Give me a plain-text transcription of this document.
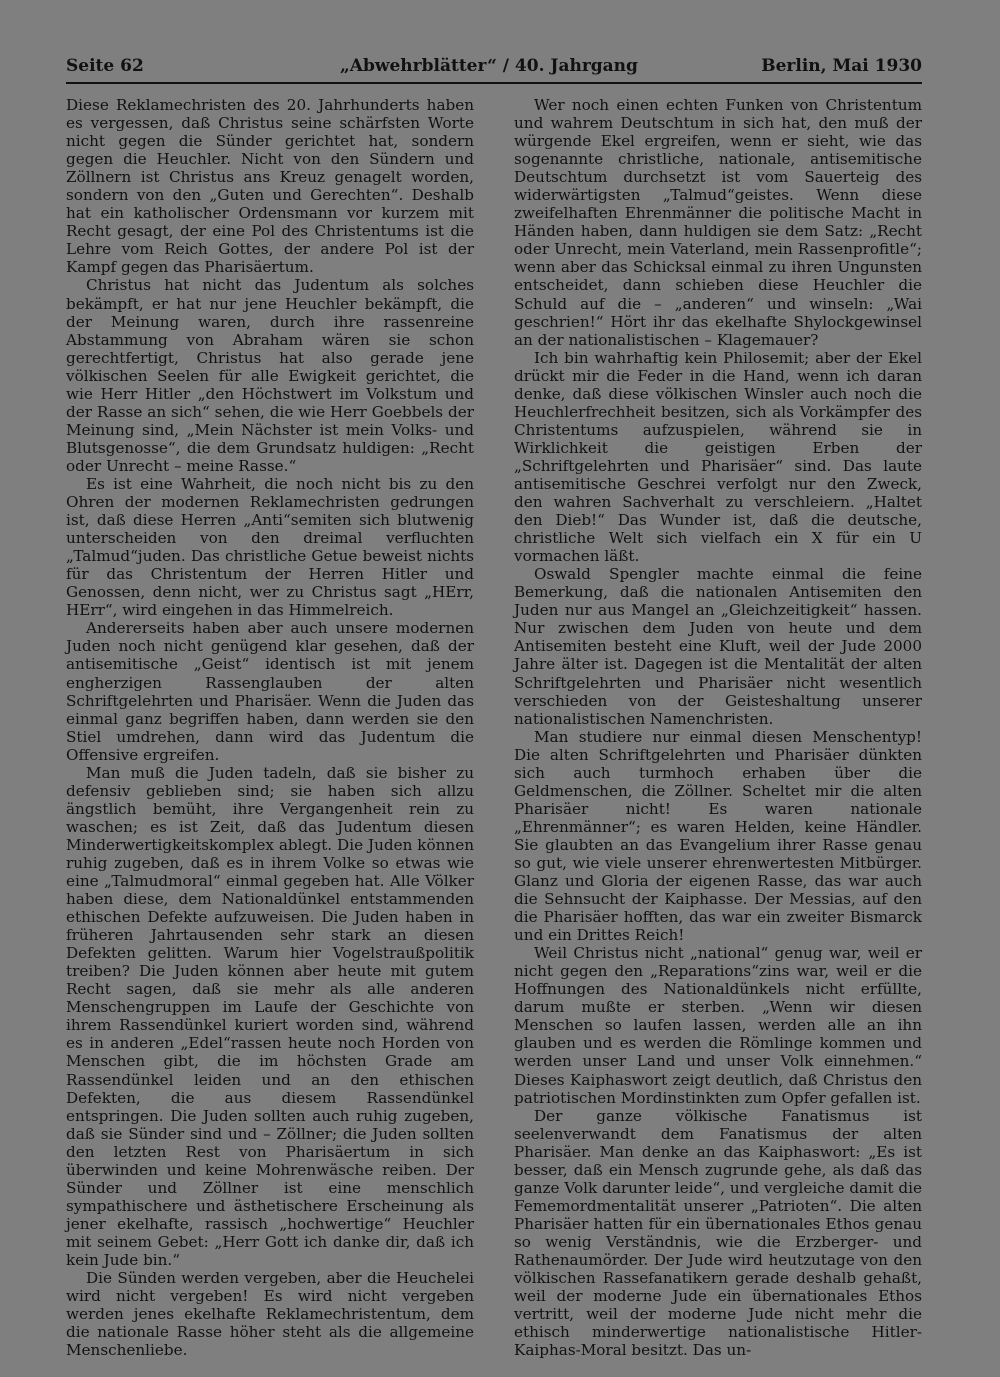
Seite 62	„Abwehrblätter“ / 40. Jahrgang	Berlin, Mai 1930

Diese Reklamechristen des 20. Jahrhunderts haben es vergessen, daß Christus seine schärfsten Worte nicht gegen die Sünder gerichtet hat, sondern gegen die Heuchler. Nicht von den Sündern und Zöllnern ist Christus ans Kreuz genagelt worden, sondern von den „Guten und Gerechten“. Deshalb hat ein katholischer Ordensmann vor kurzem mit Recht gesagt, der eine Pol des Christentums ist die Lehre vom Reich Gottes, der andere Pol ist der Kampf gegen das Pharisäertum.

Christus hat nicht das Judentum als solches bekämpft, er hat nur jene Heuchler bekämpft, die der Meinung waren, durch ihre rassenreine Abstammung von Abraham wären sie schon gerechtfertigt, Christus hat also gerade jene völkischen Seelen für alle Ewigkeit gerichtet, die wie Herr Hitler „den Höchstwert im Volkstum und der Rasse an sich“ sehen, die wie Herr Goebbels der Meinung sind, „Mein Nächster ist mein Volks- und Blutsgenosse“, die dem Grundsatz huldigen: „Recht oder Unrecht – meine Rasse.“

Es ist eine Wahrheit, die noch nicht bis zu den Ohren der modernen Reklamechristen gedrungen ist, daß diese Herren „Anti“semiten sich blutwenig unterscheiden von den dreimal verfluchten „Talmud“juden. Das christliche Getue beweist nichts für das Christentum der Herren Hitler und Genossen, denn nicht, wer zu Christus sagt „HErr, HErr“, wird eingehen in das Himmelreich.

Andererseits haben aber auch unsere modernen Juden noch nicht genügend klar gesehen, daß der antisemitische „Geist“ identisch ist mit jenem engherzigen Rassenglauben der alten Schriftgelehrten und Pharisäer. Wenn die Juden das einmal ganz begriffen haben, dann werden sie den Stiel umdrehen, dann wird das Judentum die Offensive ergreifen.

Man muß die Juden tadeln, daß sie bisher zu defensiv geblieben sind; sie haben sich allzu ängstlich bemüht, ihre Vergangenheit rein zu waschen; es ist Zeit, daß das Judentum diesen Minderwertigkeitskomplex ablegt. Die Juden können ruhig zugeben, daß es in ihrem Volke so etwas wie eine „Talmudmoral“ einmal gegeben hat. Alle Völker haben diese, dem Nationaldünkel entstammenden ethischen Defekte aufzuweisen. Die Juden haben in früheren Jahrtausenden sehr stark an diesen Defekten gelitten. Warum hier Vogelstraußpolitik treiben? Die Juden können aber heute mit gutem Recht sagen, daß sie mehr als alle anderen Menschengruppen im Laufe der Geschichte von ihrem Rassendünkel kuriert worden sind, während es in anderen „Edel“rassen heute noch Horden von Menschen gibt, die im höchsten Grade am Rassendünkel leiden und an den ethischen Defekten, die aus diesem Rassendünkel entspringen. Die Juden sollten auch ruhig zugeben, daß sie Sünder sind und – Zöllner; die Juden sollten den letzten Rest von Pharisäertum in sich überwinden und keine Mohrenwäsche reiben. Der Sünder und Zöllner ist eine menschlich sympathischere und ästhetischere Erscheinung als jener ekelhafte, rassisch „hochwertige“ Heuchler mit seinem Gebet: „Herr Gott ich danke dir, daß ich kein Jude bin.“

Die Sünden werden vergeben, aber die Heuchelei wird nicht vergeben! Es wird nicht vergeben werden jenes ekelhafte Reklamechristentum, dem die nationale Rasse höher steht als die allgemeine Menschenliebe.

Wer noch einen echten Funken von Christentum und wahrem Deutschtum in sich hat, den muß der würgende Ekel ergreifen, wenn er sieht, wie das sogenannte christliche, nationale, antisemitische Deutschtum durchsetzt ist vom Sauerteig des widerwärtigsten „Talmud“geistes. Wenn diese zweifelhaften Ehrenmänner die politische Macht in Händen haben, dann huldigen sie dem Satz: „Recht oder Unrecht, mein Vaterland, mein Rassenprofitle“; wenn aber das Schicksal einmal zu ihren Ungunsten entscheidet, dann schieben diese Heuchler die Schuld auf die – „anderen“ und winseln: „Wai geschrien!“ Hört ihr das ekelhafte Shylockgewinsel an der nationalistischen – Klagemauer?

Ich bin wahrhaftig kein Philosemit; aber der Ekel drückt mir die Feder in die Hand, wenn ich daran denke, daß diese völkischen Winsler auch noch die Heuchlerfrechheit besitzen, sich als Vorkämpfer des Christentums aufzuspielen, während sie in Wirklichkeit die geistigen Erben der „Schriftgelehrten und Pharisäer“ sind. Das laute antisemitische Geschrei verfolgt nur den Zweck, den wahren Sachverhalt zu verschleiern. „Haltet den Dieb!“ Das Wunder ist, daß die deutsche, christliche Welt sich vielfach ein X für ein U vormachen läßt.

Oswald Spengler machte einmal die feine Bemerkung, daß die nationalen Antisemiten den Juden nur aus Mangel an „Gleichzeitigkeit“ hassen. Nur zwischen dem Juden von heute und dem Antisemiten besteht eine Kluft, weil der Jude 2000 Jahre älter ist. Dagegen ist die Mentalität der alten Schriftgelehrten und Pharisäer nicht wesentlich verschieden von der Geisteshaltung unserer nationalistischen Namenchristen.

Man studiere nur einmal diesen Menschentyp! Die alten Schriftgelehrten und Pharisäer dünkten sich auch turmhoch erhaben über die Geldmenschen, die Zöllner. Scheltet mir die alten Pharisäer nicht! Es waren nationale „Ehrenmänner“; es waren Helden, keine Händler. Sie glaubten an das Evangelium ihrer Rasse genau so gut, wie viele unserer ehrenwertesten Mitbürger. Glanz und Gloria der eigenen Rasse, das war auch die Sehnsucht der Kaiphasse. Der Messias, auf den die Pharisäer hofften, das war ein zweiter Bismarck und ein Drittes Reich!

Weil Christus nicht „national“ genug war, weil er nicht gegen den „Reparations“zins war, weil er die Hoffnungen des Nationaldünkels nicht erfüllte, darum mußte er sterben. „Wenn wir diesen Menschen so laufen lassen, werden alle an ihn glauben und es werden die Römlinge kommen und werden unser Land und unser Volk einnehmen.“ Dieses Kaiphaswort zeigt deutlich, daß Christus den patriotischen Mordinstinkten zum Opfer gefallen ist.

Der ganze völkische Fanatismus ist seelenverwandt dem Fanatismus der alten Pharisäer. Man denke an das Kaiphaswort: „Es ist besser, daß ein Mensch zugrunde gehe, als daß das ganze Volk darunter leide“, und vergleiche damit die Fememordmentalität unserer „Patrioten“. Die alten Pharisäer hatten für ein übernationales Ethos genau so wenig Verständnis, wie die Erzberger- und Rathenaumörder. Der Jude wird heutzutage von den völkischen Rassefanatikern gerade deshalb gehaßt, weil der moderne Jude ein übernationales Ethos vertritt, weil der moderne Jude nicht mehr die ethisch minderwertige nationalistische Hitler-Kaiphas-Moral besitzt. Das un-
